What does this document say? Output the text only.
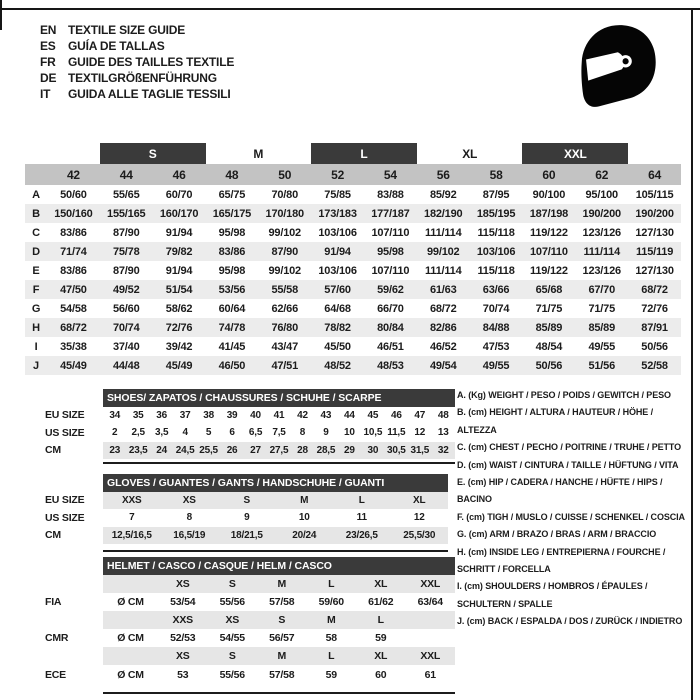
EN TEXTILE SIZE GUIDE
ES	GUÍA DE TALLAS
FR	GUIDE DES TAILLES TEXTILE
DE TEXTILGRÖßENFÜHRUNG
IT	GUIDA ALLE TAGLIE TESSILI
S	M	L	XL	XXL
42	44	46	48	50	52	54	56	58	60	62	64
A	50/60	55/65	60/70	65/75	70/80	75/85	83/88	85/92	87/95	90/100	95/100	105/115
B	150/160	155/165	160/170	165/175	170/180	173/183	177/187	182/190	185/195	187/198	190/200	190/200
C	83/86	87/90	91/94	95/98	99/102	103/106	107/110	111/114	115/118	119/122	123/126	127/130
D	71/74	75/78	79/82	83/86	87/90	91/94	95/98	99/102	103/106	107/110	111/114	115/119
E	83/86	87/90	91/94	95/98	99/102	103/106	107/110	111/114	115/118	119/122	123/126	127/130
F	47/50	49/52	51/54	53/56	55/58	57/60	59/62	61/63	63/66	65/68	67/70	68/72
G	54/58	56/60	58/62	60/64	62/66	64/68	66/70	68/72	70/74	71/75	71/75	72/76
H	68/72	70/74	72/76	74/78	76/80	78/82	80/84	82/86	84/88	85/89	85/89	87/91
I	35/38	37/40	39/42	41/45	43/47	45/50	46/51	46/52	47/53	48/54	49/55	50/56
J	45/49	44/48	45/49	46/50	47/51	48/52	48/53	49/54	49/55	50/56	51/56	52/58
SHOES/ ZAPATOS / CHAUSSURES / SCHUHE / SCARPE
EU SIZE	34	35	36	37	38	39	40	41	42	43	44	45	46	47	48
US SIZE	2	2,5	3,5	4	5	6	6,5	7,5	8	9	10 10,5 11,5 12	13
CM	23 23,5 24 24,5 25,5 26	27 27,5 28 28,5 29	30 30,5 31,5 32
GLOVES / GUANTES / GANTS / HANDSCHUHE / GUANTI
EU SIZE	XXS	XS	S	M	L	XL
US SIZE	7	8	9	10	11	12
CM	12,5/16,5	16,5/19	18/21,5	20/24	23/26,5	25,5/30
HELMET / CASCO / CASQUE / HELM / CASCO
XS	S	M	L	XL	XXL
FIA	Ø CM	53/54	55/56	57/58	59/60	61/62	63/64
XXS	XS	S	M	L
CMR	Ø CM	52/53	54/55	56/57	58	59
XS	S	M	L	XL	XXL
ECE	Ø CM	53	55/56	57/58	59	60	61
A. (Kg) WEIGHT / PESO / POIDS / GEWITCH / PESO
B. (cm) HEIGHT / ALTURA / HAUTEUR / HÖHE / ALTEZZA
C. (cm) CHEST / PECHO / POITRINE / TRUHE / PETTO
D. (cm) WAIST / CINTURA / TAILLE / HÜFTUNG / VITA
E. (cm) HIP / CADERA / HANCHE / HÜFTE / HIPS / BACINO
F. (cm) TIGH / MUSLO / CUISSE / SCHENKEL / COSCIA
G. (cm) ARM / BRAZO / BRAS / ARM / BRACCIO
H. (cm) INSIDE LEG / ENTREPIERNA / FOURCHE / SCHRITT / FORCELLA
I. (cm) SHOULDERS / HOMBROS / ÉPAULES / SCHULTERN / SPALLE
J. (cm) BACK / ESPALDA / DOS / ZURÜCK / INDIETRO
